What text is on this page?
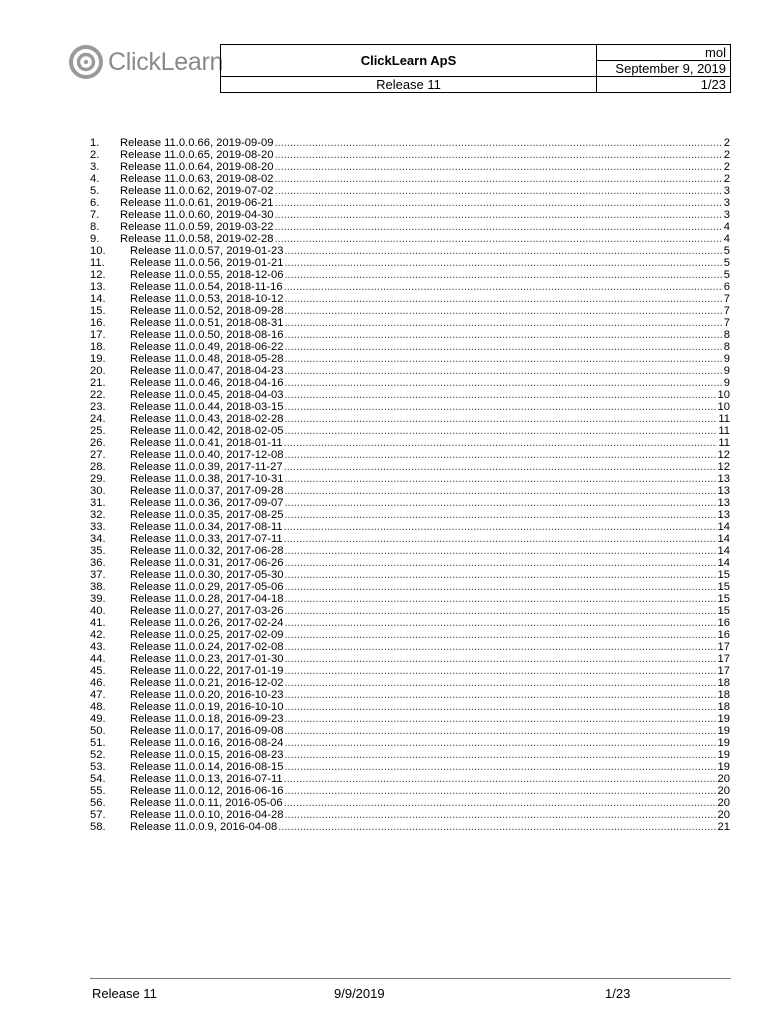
ClickLearn	ClickLearn ApS	mol
	September 9, 2019
Release 11	1/23
1.	Release 11.0.0.66, 2019-09-09 .....	2
2.	Release 11.0.0.65, 2019-08-20 .....	2
3.	Release 11.0.0.64, 2019-08-20 .....	2
4.	Release 11.0.0.63, 2019-08-02 .....	2
5.	Release 11.0.0.62, 2019-07-02 .....	3
6.	Release 11.0.0.61, 2019-06-21 .....	3
7.	Release 11.0.0.60, 2019-04-30 .....	3
8.	Release 11.0.0.59, 2019-03-22 .....	4
9.	Release 11.0.0.58, 2019-02-28 .....	4
10.	Release 11.0.0.57, 2019-01-23 .....	5
11.	Release 11.0.0.56, 2019-01-21 .....	5
12.	Release 11.0.0.55, 2018-12-06 .....	5
13.	Release 11.0.0.54, 2018-11-16 .....	6
14.	Release 11.0.0.53, 2018-10-12 .....	7
15.	Release 11.0.0.52, 2018-09-28 .....	7
16.	Release 11.0.0.51, 2018-08-31 .....	7
17.	Release 11.0.0.50, 2018-08-16 .....	8
18.	Release 11.0.0.49, 2018-06-22 .....	8
19.	Release 11.0.0.48, 2018-05-28 .....	9
20.	Release 11.0.0.47, 2018-04-23 .....	9
21.	Release 11.0.0.46, 2018-04-16 .....	9
22.	Release 11.0.0.45, 2018-04-03 .....	10
23.	Release 11.0.0.44, 2018-03-15 .....	10
24.	Release 11.0.0.43, 2018-02-28 .....	11
25.	Release 11.0.0.42, 2018-02-05 .....	11
26.	Release 11.0.0.41, 2018-01-11 .....	11
27.	Release 11.0.0.40, 2017-12-08 .....	12
28.	Release 11.0.0.39, 2017-11-27 .....	12
29.	Release 11.0.0.38, 2017-10-31 .....	13
30.	Release 11.0.0.37, 2017-09-28 .....	13
31.	Release 11.0.0.36, 2017-09-07 .....	13
32.	Release 11.0.0.35, 2017-08-25 .....	13
33.	Release 11.0.0.34, 2017-08-11 .....	14
34.	Release 11.0.0.33, 2017-07-11 .....	14
35.	Release 11.0.0.32, 2017-06-28 .....	14
36.	Release 11.0.0.31, 2017-06-26 .....	14
37.	Release 11.0.0.30, 2017-05-30 .....	15
38.	Release 11.0.0.29, 2017-05-06 .....	15
39.	Release 11.0.0.28, 2017-04-18 .....	15
40.	Release 11.0.0.27, 2017-03-26 .....	15
41.	Release 11.0.0.26, 2017-02-24 .....	16
42.	Release 11.0.0.25, 2017-02-09 .....	16
43.	Release 11.0.0.24, 2017-02-08 .....	17
44.	Release 11.0.0.23, 2017-01-30 .....	17
45.	Release 11.0.0.22, 2017-01-19 .....	17
46.	Release 11.0.0.21, 2016-12-02 .....	18
47.	Release 11.0.0.20, 2016-10-23 .....	18
48.	Release 11.0.0.19, 2016-10-10 .....	18
49.	Release 11.0.0.18, 2016-09-23 .....	19
50.	Release 11.0.0.17, 2016-09-08 .....	19
51.	Release 11.0.0.16, 2016-08-24 .....	19
52.	Release 11.0.0.15, 2016-08-23 .....	19
53.	Release 11.0.0.14, 2016-08-15 .....	19
54.	Release 11.0.0.13, 2016-07-11 .....	20
55.	Release 11.0.0.12, 2016-06-16 .....	20
56.	Release 11.0.0.11, 2016-05-06 .....	20
57.	Release 11.0.0.10, 2016-04-28 .....	20
58.	Release 11.0.0.9, 2016-04-08 .....	21
Release 11	9/9/2019	1/23
